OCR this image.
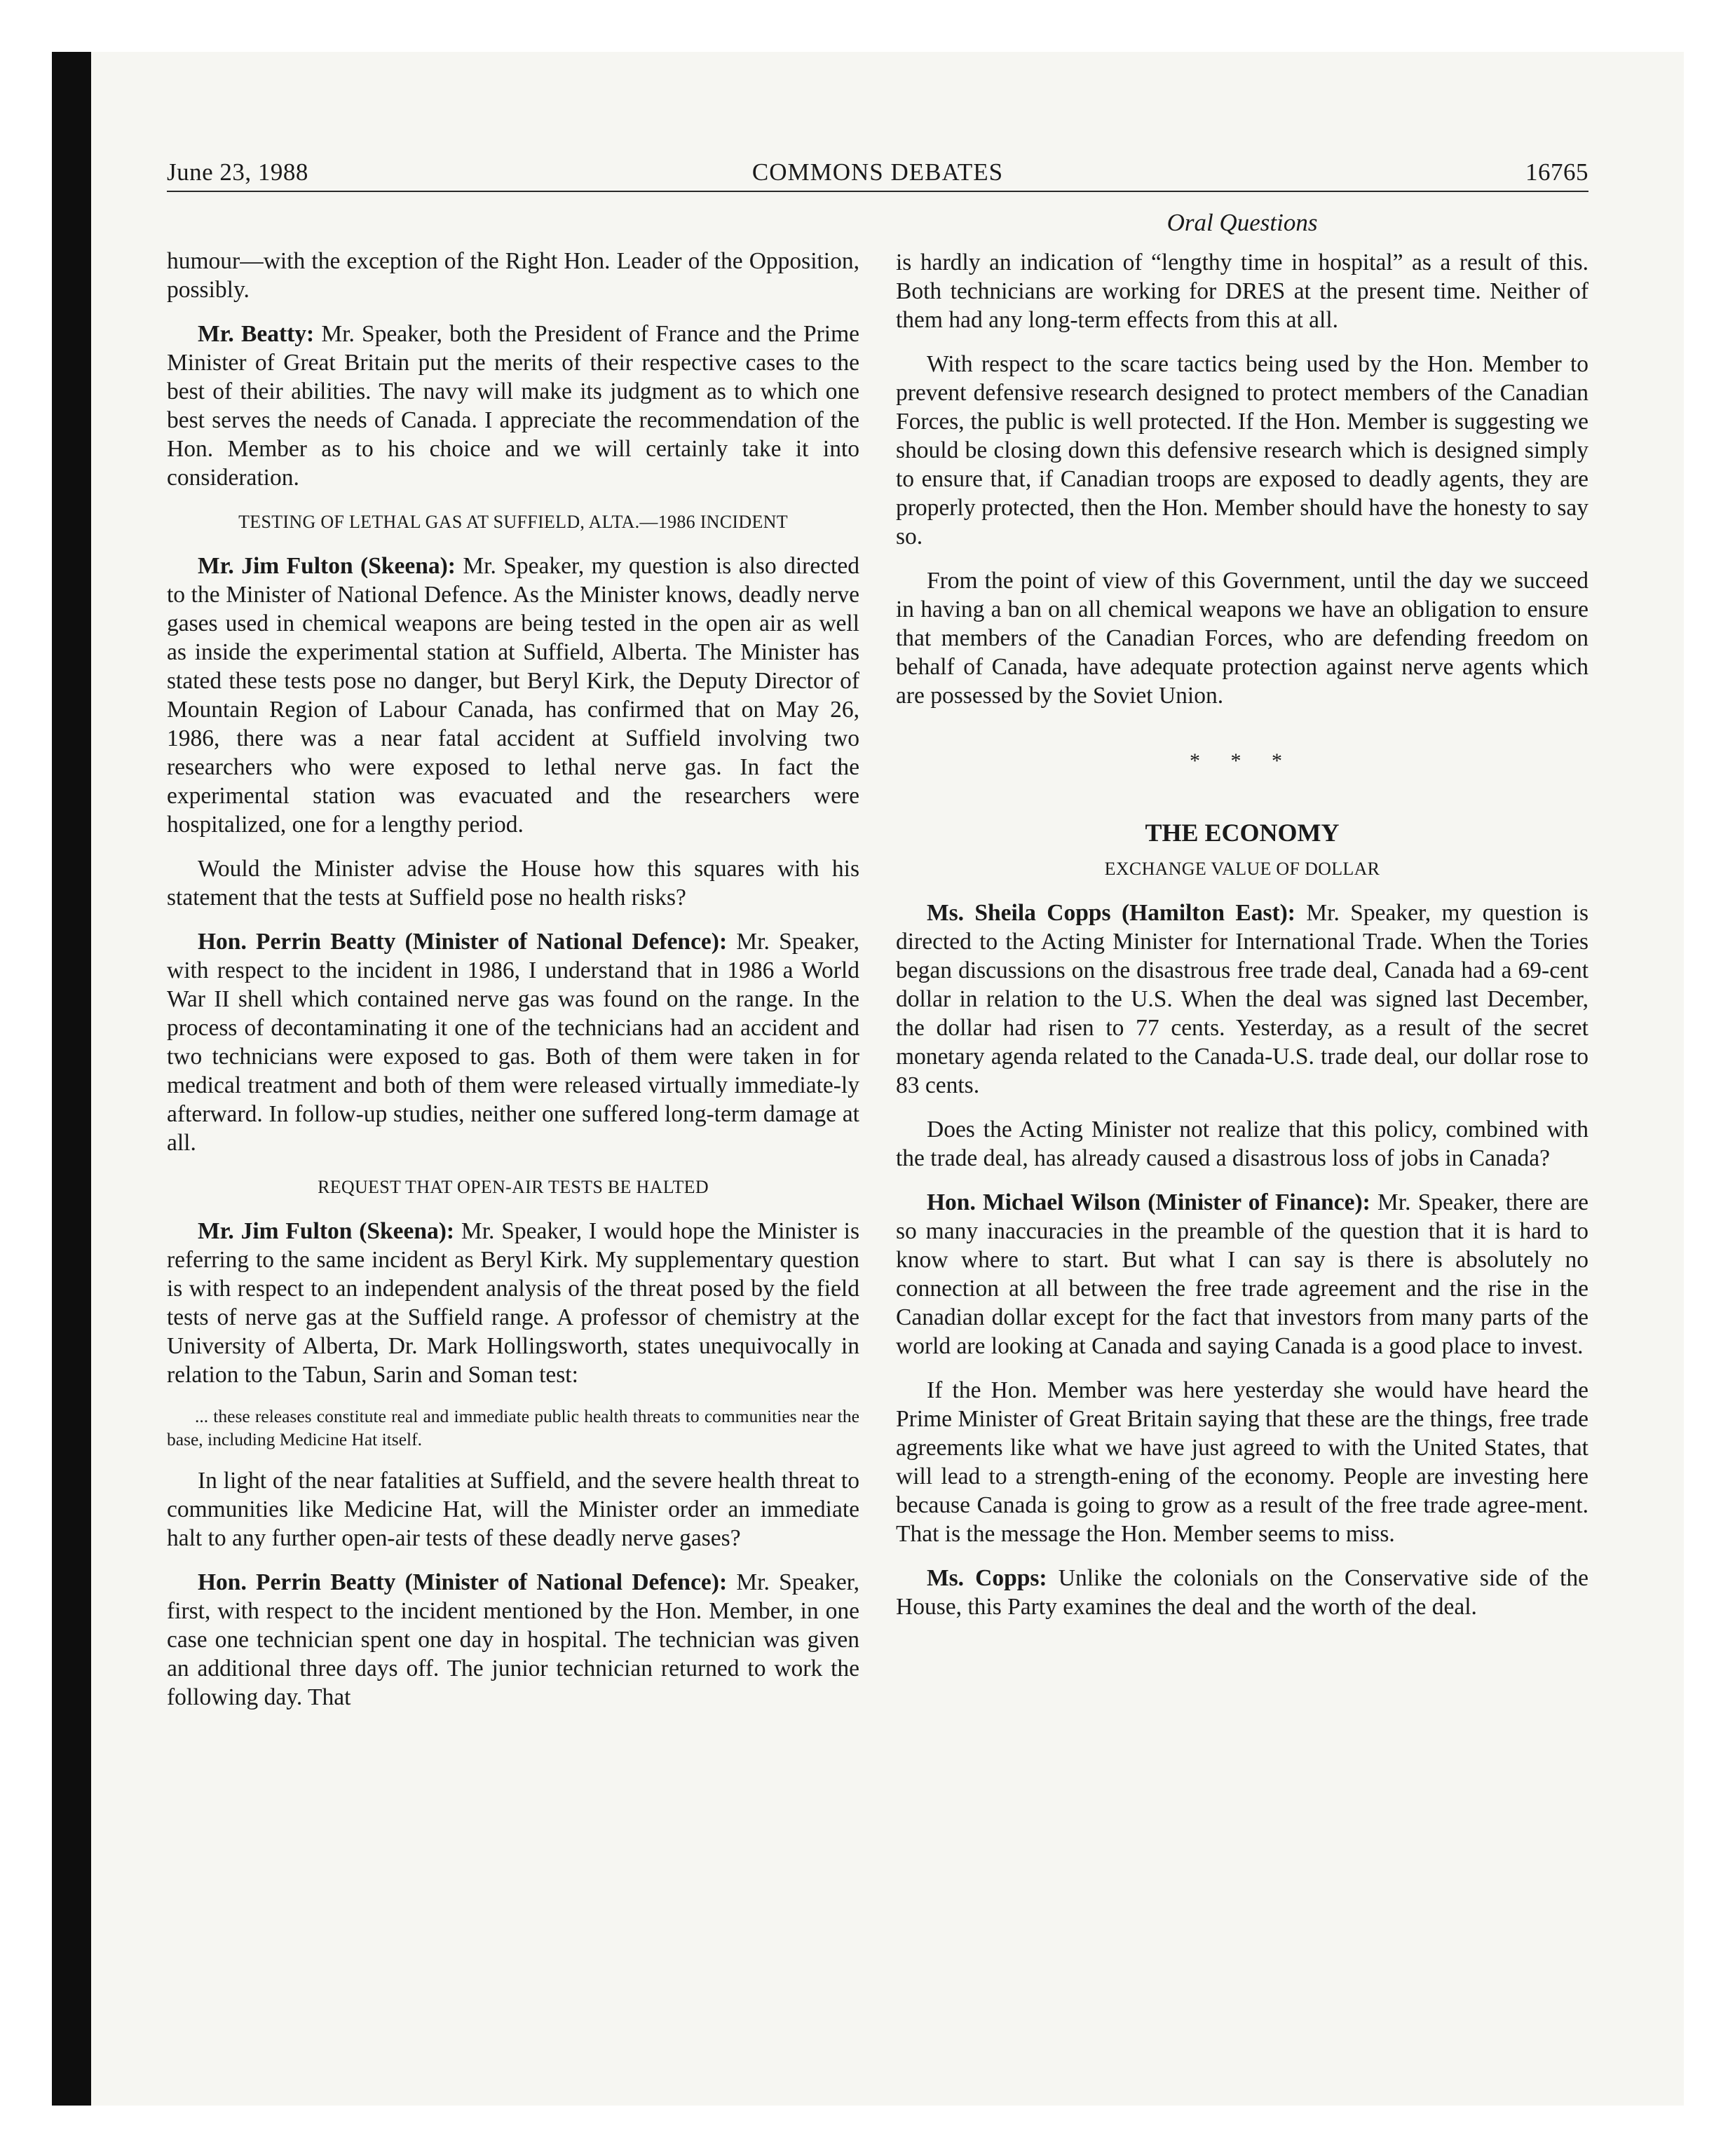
June 23, 1988	COMMONS DEBATES	16765
Oral Questions

humour—with the exception of the Right Hon. Leader of the Opposition, possibly.

Mr. Beatty: Mr. Speaker, both the President of France and the Prime Minister of Great Britain put the merits of their respective cases to the best of their abilities. The navy will make its judgment as to which one best serves the needs of Canada. I appreciate the recommendation of the Hon. Member as to his choice and we will certainly take it into consideration.

TESTING OF LETHAL GAS AT SUFFIELD, ALTA.—1986 INCIDENT

Mr. Jim Fulton (Skeena): Mr. Speaker, my question is also directed to the Minister of National Defence. As the Minister knows, deadly nerve gases used in chemical weapons are being tested in the open air as well as inside the experimental station at Suffield, Alberta. The Minister has stated these tests pose no danger, but Beryl Kirk, the Deputy Director of Mountain Region of Labour Canada, has confirmed that on May 26, 1986, there was a near fatal accident at Suffield involving two researchers who were exposed to lethal nerve gas. In fact the experimental station was evacuated and the researchers were hospitalized, one for a lengthy period.

Would the Minister advise the House how this squares with his statement that the tests at Suffield pose no health risks?

Hon. Perrin Beatty (Minister of National Defence): Mr. Speaker, with respect to the incident in 1986, I understand that in 1986 a World War II shell which contained nerve gas was found on the range. In the process of decontaminating it one of the technicians had an accident and two technicians were exposed to gas. Both of them were taken in for medical treatment and both of them were released virtually immediate-ly afterward. In follow-up studies, neither one suffered long-term damage at all.

REQUEST THAT OPEN-AIR TESTS BE HALTED

Mr. Jim Fulton (Skeena): Mr. Speaker, I would hope the Minister is referring to the same incident as Beryl Kirk. My supplementary question is with respect to an independent analysis of the threat posed by the field tests of nerve gas at the Suffield range. A professor of chemistry at the University of Alberta, Dr. Mark Hollingsworth, states unequivocally in relation to the Tabun, Sarin and Soman test:

... these releases constitute real and immediate public health threats to communities near the base, including Medicine Hat itself.

In light of the near fatalities at Suffield, and the severe health threat to communities like Medicine Hat, will the Minister order an immediate halt to any further open-air tests of these deadly nerve gases?

Hon. Perrin Beatty (Minister of National Defence): Mr. Speaker, first, with respect to the incident mentioned by the Hon. Member, in one case one technician spent one day in hospital. The technician was given an additional three days off. The junior technician returned to work the following day. That

is hardly an indication of “lengthy time in hospital” as a result of this. Both technicians are working for DRES at the present time. Neither of them had any long-term effects from this at all.

With respect to the scare tactics being used by the Hon. Member to prevent defensive research designed to protect members of the Canadian Forces, the public is well protected. If the Hon. Member is suggesting we should be closing down this defensive research which is designed simply to ensure that, if Canadian troops are exposed to deadly agents, they are properly protected, then the Hon. Member should have the honesty to say so.

From the point of view of this Government, until the day we succeed in having a ban on all chemical weapons we have an obligation to ensure that members of the Canadian Forces, who are defending freedom on behalf of Canada, have adequate protection against nerve agents which are possessed by the Soviet Union.

* * *
THE ECONOMY
EXCHANGE VALUE OF DOLLAR

Ms. Sheila Copps (Hamilton East): Mr. Speaker, my question is directed to the Acting Minister for International Trade. When the Tories began discussions on the disastrous free trade deal, Canada had a 69-cent dollar in relation to the U.S. When the deal was signed last December, the dollar had risen to 77 cents. Yesterday, as a result of the secret monetary agenda related to the Canada-U.S. trade deal, our dollar rose to 83 cents.

Does the Acting Minister not realize that this policy, combined with the trade deal, has already caused a disastrous loss of jobs in Canada?

Hon. Michael Wilson (Minister of Finance): Mr. Speaker, there are so many inaccuracies in the preamble of the question that it is hard to know where to start. But what I can say is there is absolutely no connection at all between the free trade agreement and the rise in the Canadian dollar except for the fact that investors from many parts of the world are looking at Canada and saying Canada is a good place to invest.

If the Hon. Member was here yesterday she would have heard the Prime Minister of Great Britain saying that these are the things, free trade agreements like what we have just agreed to with the United States, that will lead to a strength-ening of the economy. People are investing here because Canada is going to grow as a result of the free trade agree-ment. That is the message the Hon. Member seems to miss.

Ms. Copps: Unlike the colonials on the Conservative side of the House, this Party examines the deal and the worth of the deal.
